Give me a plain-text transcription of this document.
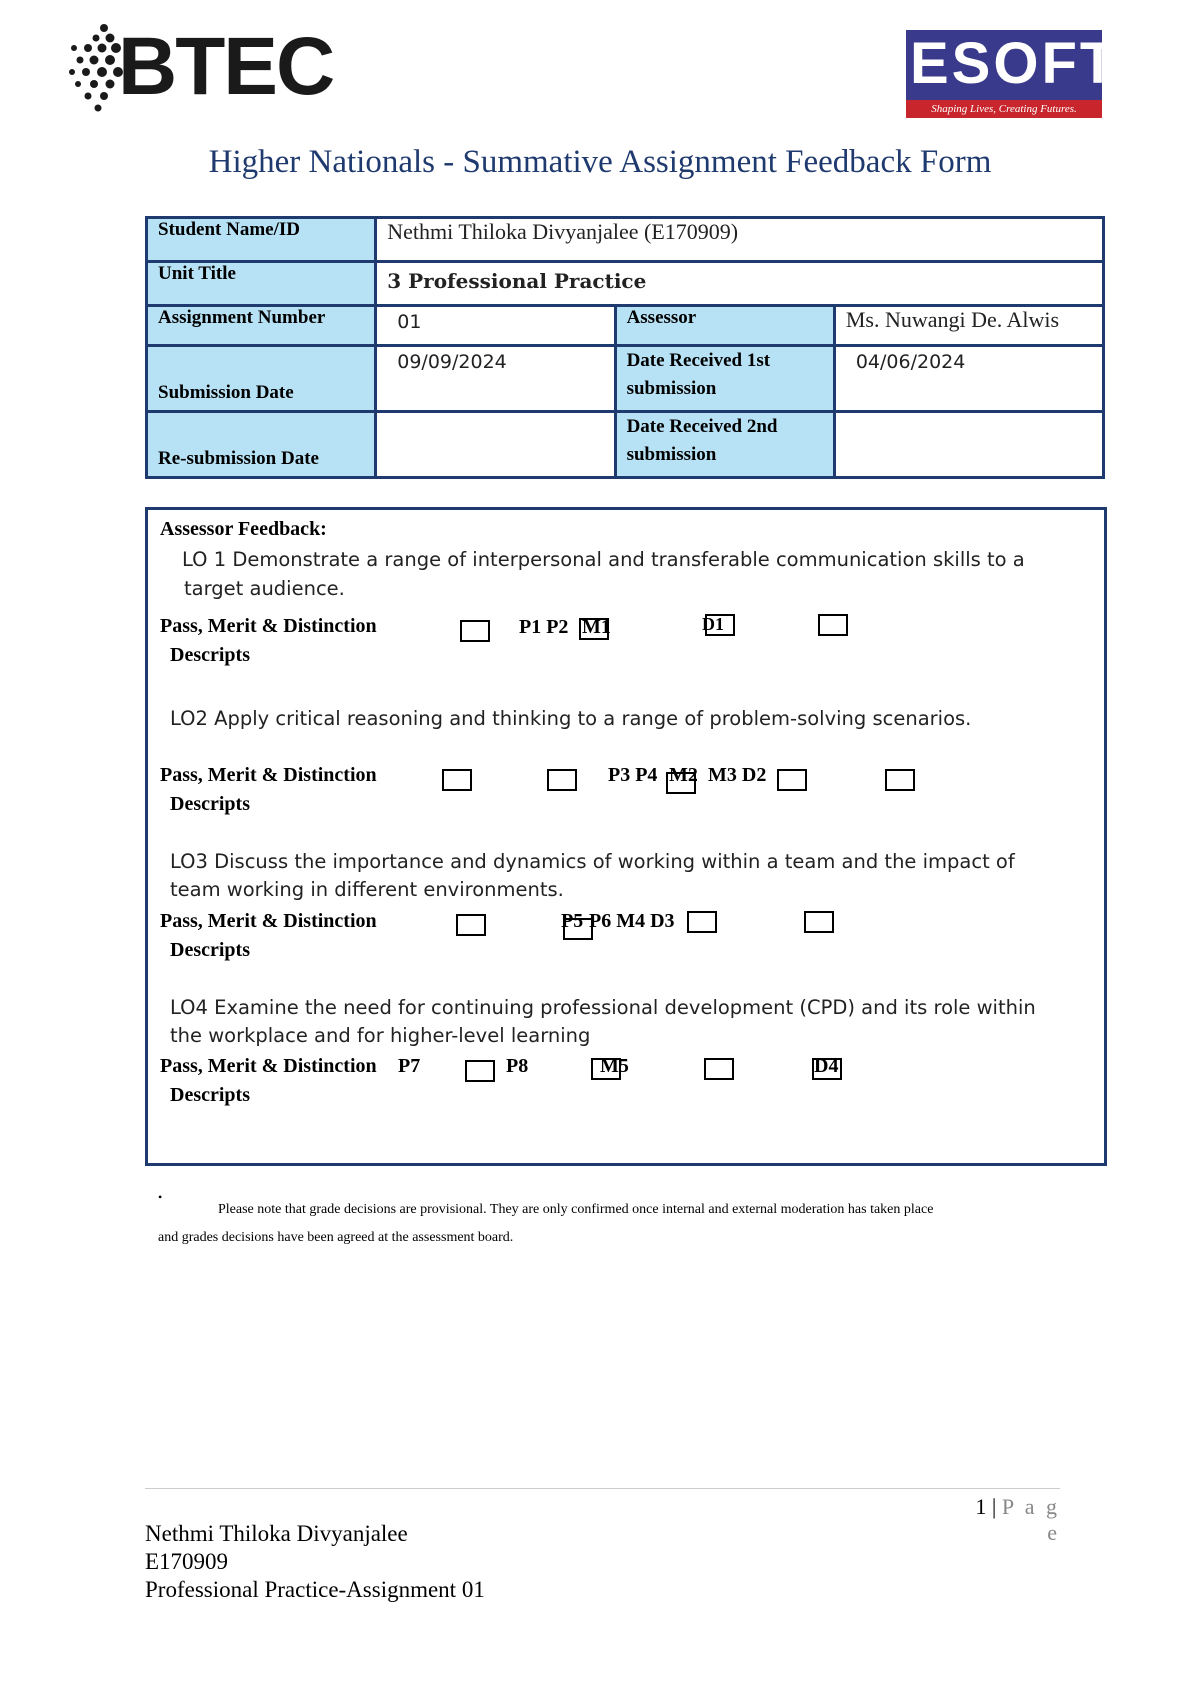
BTEC	ESOFT
Shaping Lives, Creating Futures.
Higher Nationals - Summative Assignment Feedback Form
Student Name/ID	Nethmi Thiloka Divyanjalee (E170909)		
Unit Title	3 Professional Practice		
Assignment Number	01	Assessor	Ms. Nuwangi De. Alwis
Submission Date	09/09/2024	Date Received 1st submission	04/06/2024
Re-submission Date		Date Received 2nd submission	
Assessor Feedback:
LO 1 Demonstrate a range of interpersonal and transferable communication skills to a
target audience.
Pass, Merit & Distinction
Descripts
P1 P2 M1	D1
LO2 Apply critical reasoning and thinking to a range of problem-solving scenarios.
Pass, Merit & Distinction
Descripts
P3 P4 M2 M3 D2
LO3 Discuss the importance and dynamics of working within a team and the impact of
team working in different environments.
Pass, Merit & Distinction
Descripts
P5 P6 M4 D3
LO4 Examine the need for continuing professional development (CPD) and its role within
the workplace and for higher-level learning
Pass, Merit & Distinction P7
Descripts
P8	M5	D4
•
Please note that grade decisions are provisional. They are only confirmed once internal and external moderation has taken place
and grades decisions have been agreed at the assessment board.
1 | P a g e
Nethmi Thiloka Divyanjalee
E170909
Professional Practice-Assignment 01
